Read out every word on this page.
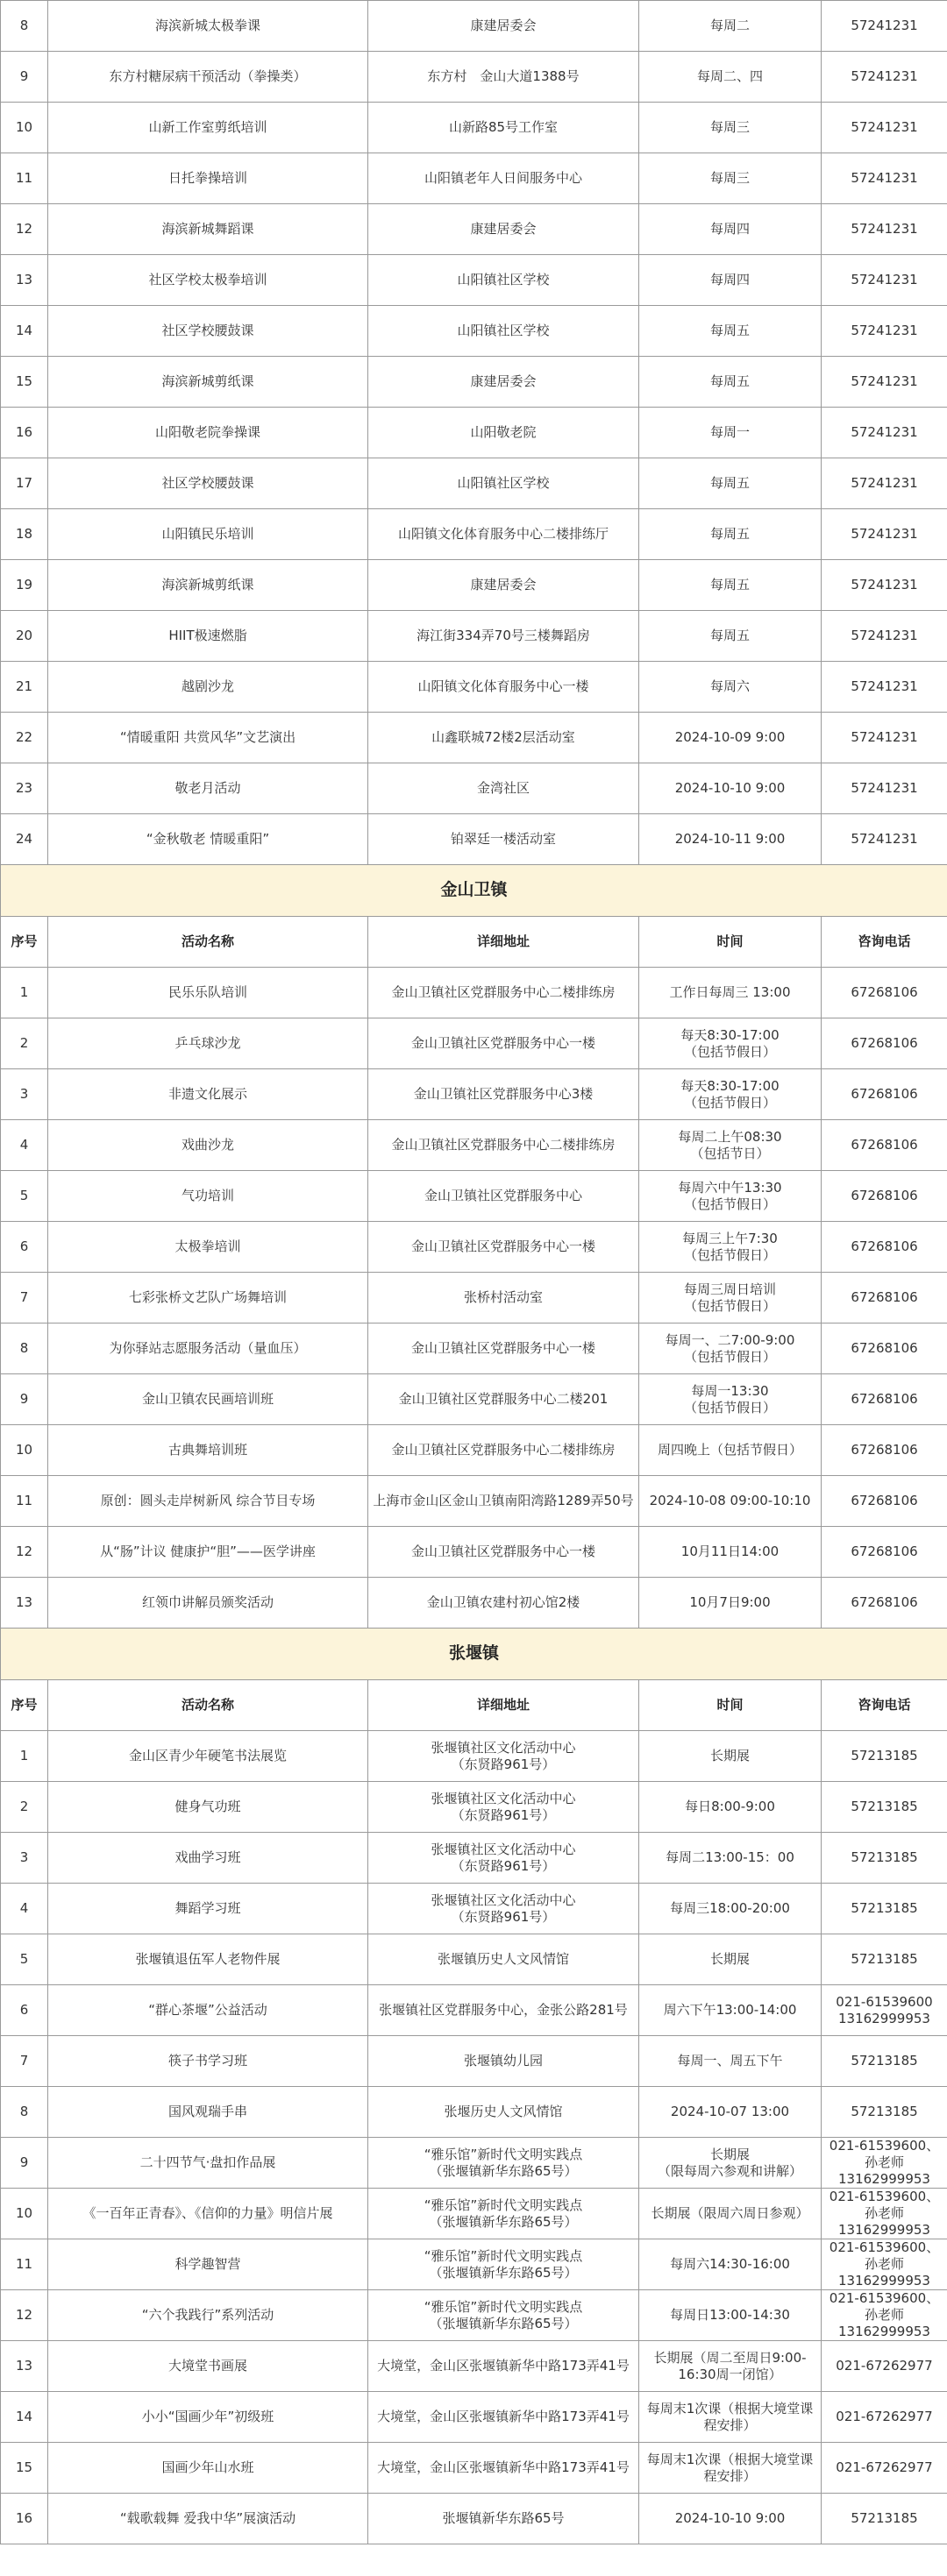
8	海滨新城太极拳课	康建居委会	每周二	57241231
9	东方村糖尿病干预活动（拳操类）	东方村　金山大道1388号	每周二、四	57241231
10	山新工作室剪纸培训	山新路85号工作室	每周三	57241231
11	日托拳操培训	山阳镇老年人日间服务中心	每周三	57241231
12	海滨新城舞蹈课	康建居委会	每周四	57241231
13	社区学校太极拳培训	山阳镇社区学校	每周四	57241231
14	社区学校腰鼓课	山阳镇社区学校	每周五	57241231
15	海滨新城剪纸课	康建居委会	每周五	57241231
16	山阳敬老院拳操课	山阳敬老院	每周一	57241231
17	社区学校腰鼓课	山阳镇社区学校	每周五	57241231
18	山阳镇民乐培训	山阳镇文化体育服务中心二楼排练厅	每周五	57241231
19	海滨新城剪纸课	康建居委会	每周五	57241231
20	HIIT极速燃脂	海江街334弄70号三楼舞蹈房	每周五	57241231
21	越剧沙龙	山阳镇文化体育服务中心一楼	每周六	57241231
22	“情暖重阳 共赏风华”文艺演出	山鑫联城72楼2层活动室	2024-10-09 9:00	57241231
23	敬老月活动	金湾社区	2024-10-10 9:00	57241231
24	“金秋敬老 情暖重阳”	铂翠廷一楼活动室	2024-10-11 9:00	57241231
金山卫镇				
序号	活动名称	详细地址	时间	咨询电话
1	民乐乐队培训	金山卫镇社区党群服务中心二楼排练房	工作日每周三 13:00	67268106
2	乒乓球沙龙	金山卫镇社区党群服务中心一楼	每天8:30-17:00
（包括节假日）	67268106
3	非遗文化展示	金山卫镇社区党群服务中心3楼	每天8:30-17:00
（包括节假日）	67268106
4	戏曲沙龙	金山卫镇社区党群服务中心二楼排练房	每周二上午08:30
（包括节日）	67268106
5	气功培训	金山卫镇社区党群服务中心	每周六中午13:30
（包括节假日）	67268106
6	太极拳培训	金山卫镇社区党群服务中心一楼	每周三上午7:30
（包括节假日）	67268106
7	七彩张桥文艺队广场舞培训	张桥村活动室	每周三周日培训
（包括节假日）	67268106
8	为你驿站志愿服务活动（量血压）	金山卫镇社区党群服务中心一楼	每周一、二7:00-9:00
（包括节假日）	67268106
9	金山卫镇农民画培训班	金山卫镇社区党群服务中心二楼201	每周一13:30
（包括节假日）	67268106
10	古典舞培训班	金山卫镇社区党群服务中心二楼排练房	周四晚上（包括节假日）	67268106
11	原创：圆头走岸树新风 综合节目专场	上海市金山区金山卫镇南阳湾路1289弄50号	2024-10-08 09:00-10:10	67268106
12	从“肠”计议 健康护“胆”——医学讲座	金山卫镇社区党群服务中心一楼	10月11日14:00	67268106
13	红领巾讲解员颁奖活动	金山卫镇农建村初心馆2楼	10月7日9:00	67268106
张堰镇				
序号	活动名称	详细地址	时间	咨询电话
1	金山区青少年硬笔书法展览	张堰镇社区文化活动中心
（东贤路961号）	长期展	57213185
2	健身气功班	张堰镇社区文化活动中心
（东贤路961号）	每日8:00-9:00	57213185
3	戏曲学习班	张堰镇社区文化活动中心
（东贤路961号）	每周二13:00-15：00	57213185
4	舞蹈学习班	张堰镇社区文化活动中心
（东贤路961号）	每周三18:00-20:00	57213185
5	张堰镇退伍军人老物件展	张堰镇历史人文风情馆	长期展	57213185
6	“群心茶堰”公益活动	张堰镇社区党群服务中心，金张公路281号	周六下午13:00-14:00	021-61539600
13162999953

7	筷子书学习班	张堰镇幼儿园	每周一、周五下午	57213185
8	国风观瑞手串	张堰历史人文风情馆	2024-10-07 13:00	57213185
9	二十四节气·盘扣作品展	“雅乐馆”新时代文明实践点
（张堰镇新华东路65号）	长期展
（限每周六参观和讲解）	021-61539600、孙老师13162999953
10	《一百年正青春》、《信仰的力量》明信片展	“雅乐馆”新时代文明实践点
（张堰镇新华东路65号）	长期展（限周六周日参观）	021-61539600、孙老师13162999953
11	科学趣智营	“雅乐馆”新时代文明实践点
（张堰镇新华东路65号）	每周六14:30-16:00	021-61539600、孙老师13162999953
12	“六个我践行”系列活动	“雅乐馆”新时代文明实践点
（张堰镇新华东路65号）	每周日13:00-14:30	021-61539600、孙老师13162999953
13	大境堂书画展	大境堂，金山区张堰镇新华中路173弄41号	长期展（周二至周日9:00-16:30周一闭馆）	021-67262977
14	小小“国画少年”初级班	大境堂，金山区张堰镇新华中路173弄41号	每周末1次课（根据大境堂课程安排）	021-67262977
15	国画少年山水班	大境堂，金山区张堰镇新华中路173弄41号	每周末1次课（根据大境堂课程安排）	021-67262977
16	“载歌载舞 爱我中华”展演活动	张堰镇新华东路65号	2024-10-10 9:00	57213185
